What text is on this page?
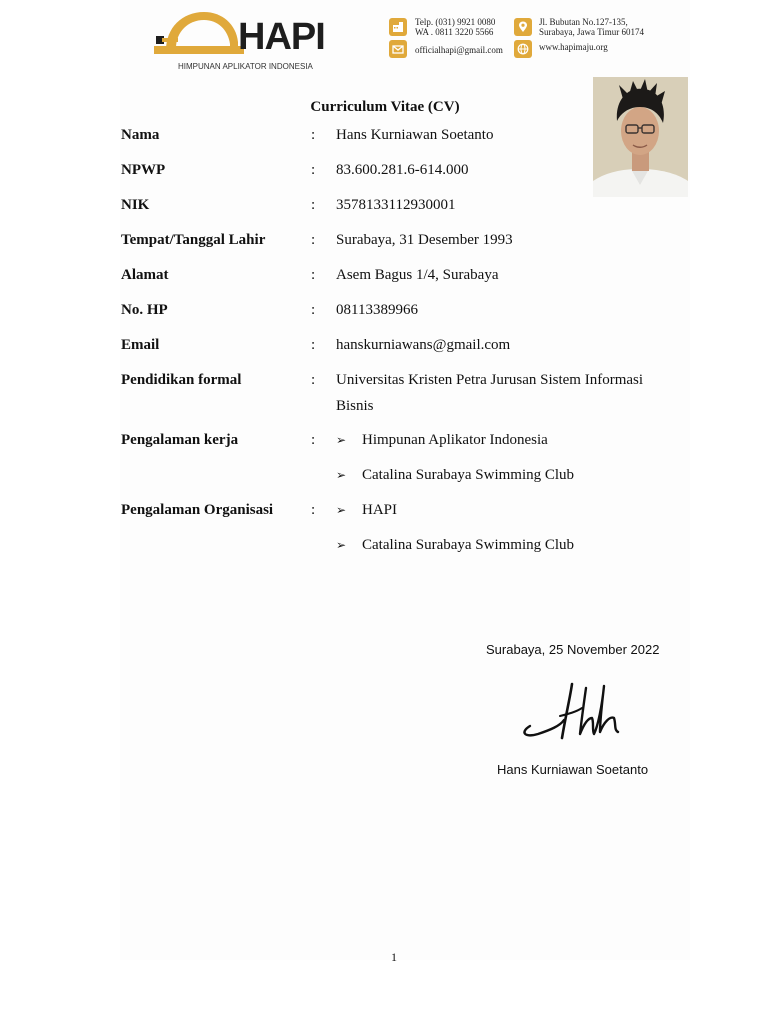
HAPI
HIMPUNAN APLIKATOR INDONESIA
Telp. (031) 9921 0080
WA . 0811 3220 5566
officialhapi@gmail.com
Jl. Bubutan No.127-135,
Surabaya, Jawa Timur 60174
www.hapimaju.org
Curriculum Vitae (CV)
Nama	: Hans Kurniawan Soetanto
NPWP	: 83.600.281.6-614.000
NIK	: 3578133112930001
Tempat/Tanggal Lahir	: Surabaya, 31 Desember 1993
Alamat	: Asem Bagus 1/4, Surabaya
No. HP	: 08113389966
Email	: hanskurniawans@gmail.com
Pendidikan formal	: Universitas Kristen Petra Jurusan Sistem Informasi Bisnis
Pengalaman kerja	: ➢ Himpunan Aplikator Indonesia
➢ Catalina Surabaya Swimming Club
Pengalaman Organisasi	: ➢ HAPI
➢ Catalina Surabaya Swimming Club
Surabaya, 25 November 2022
Hans Kurniawan Soetanto
1
